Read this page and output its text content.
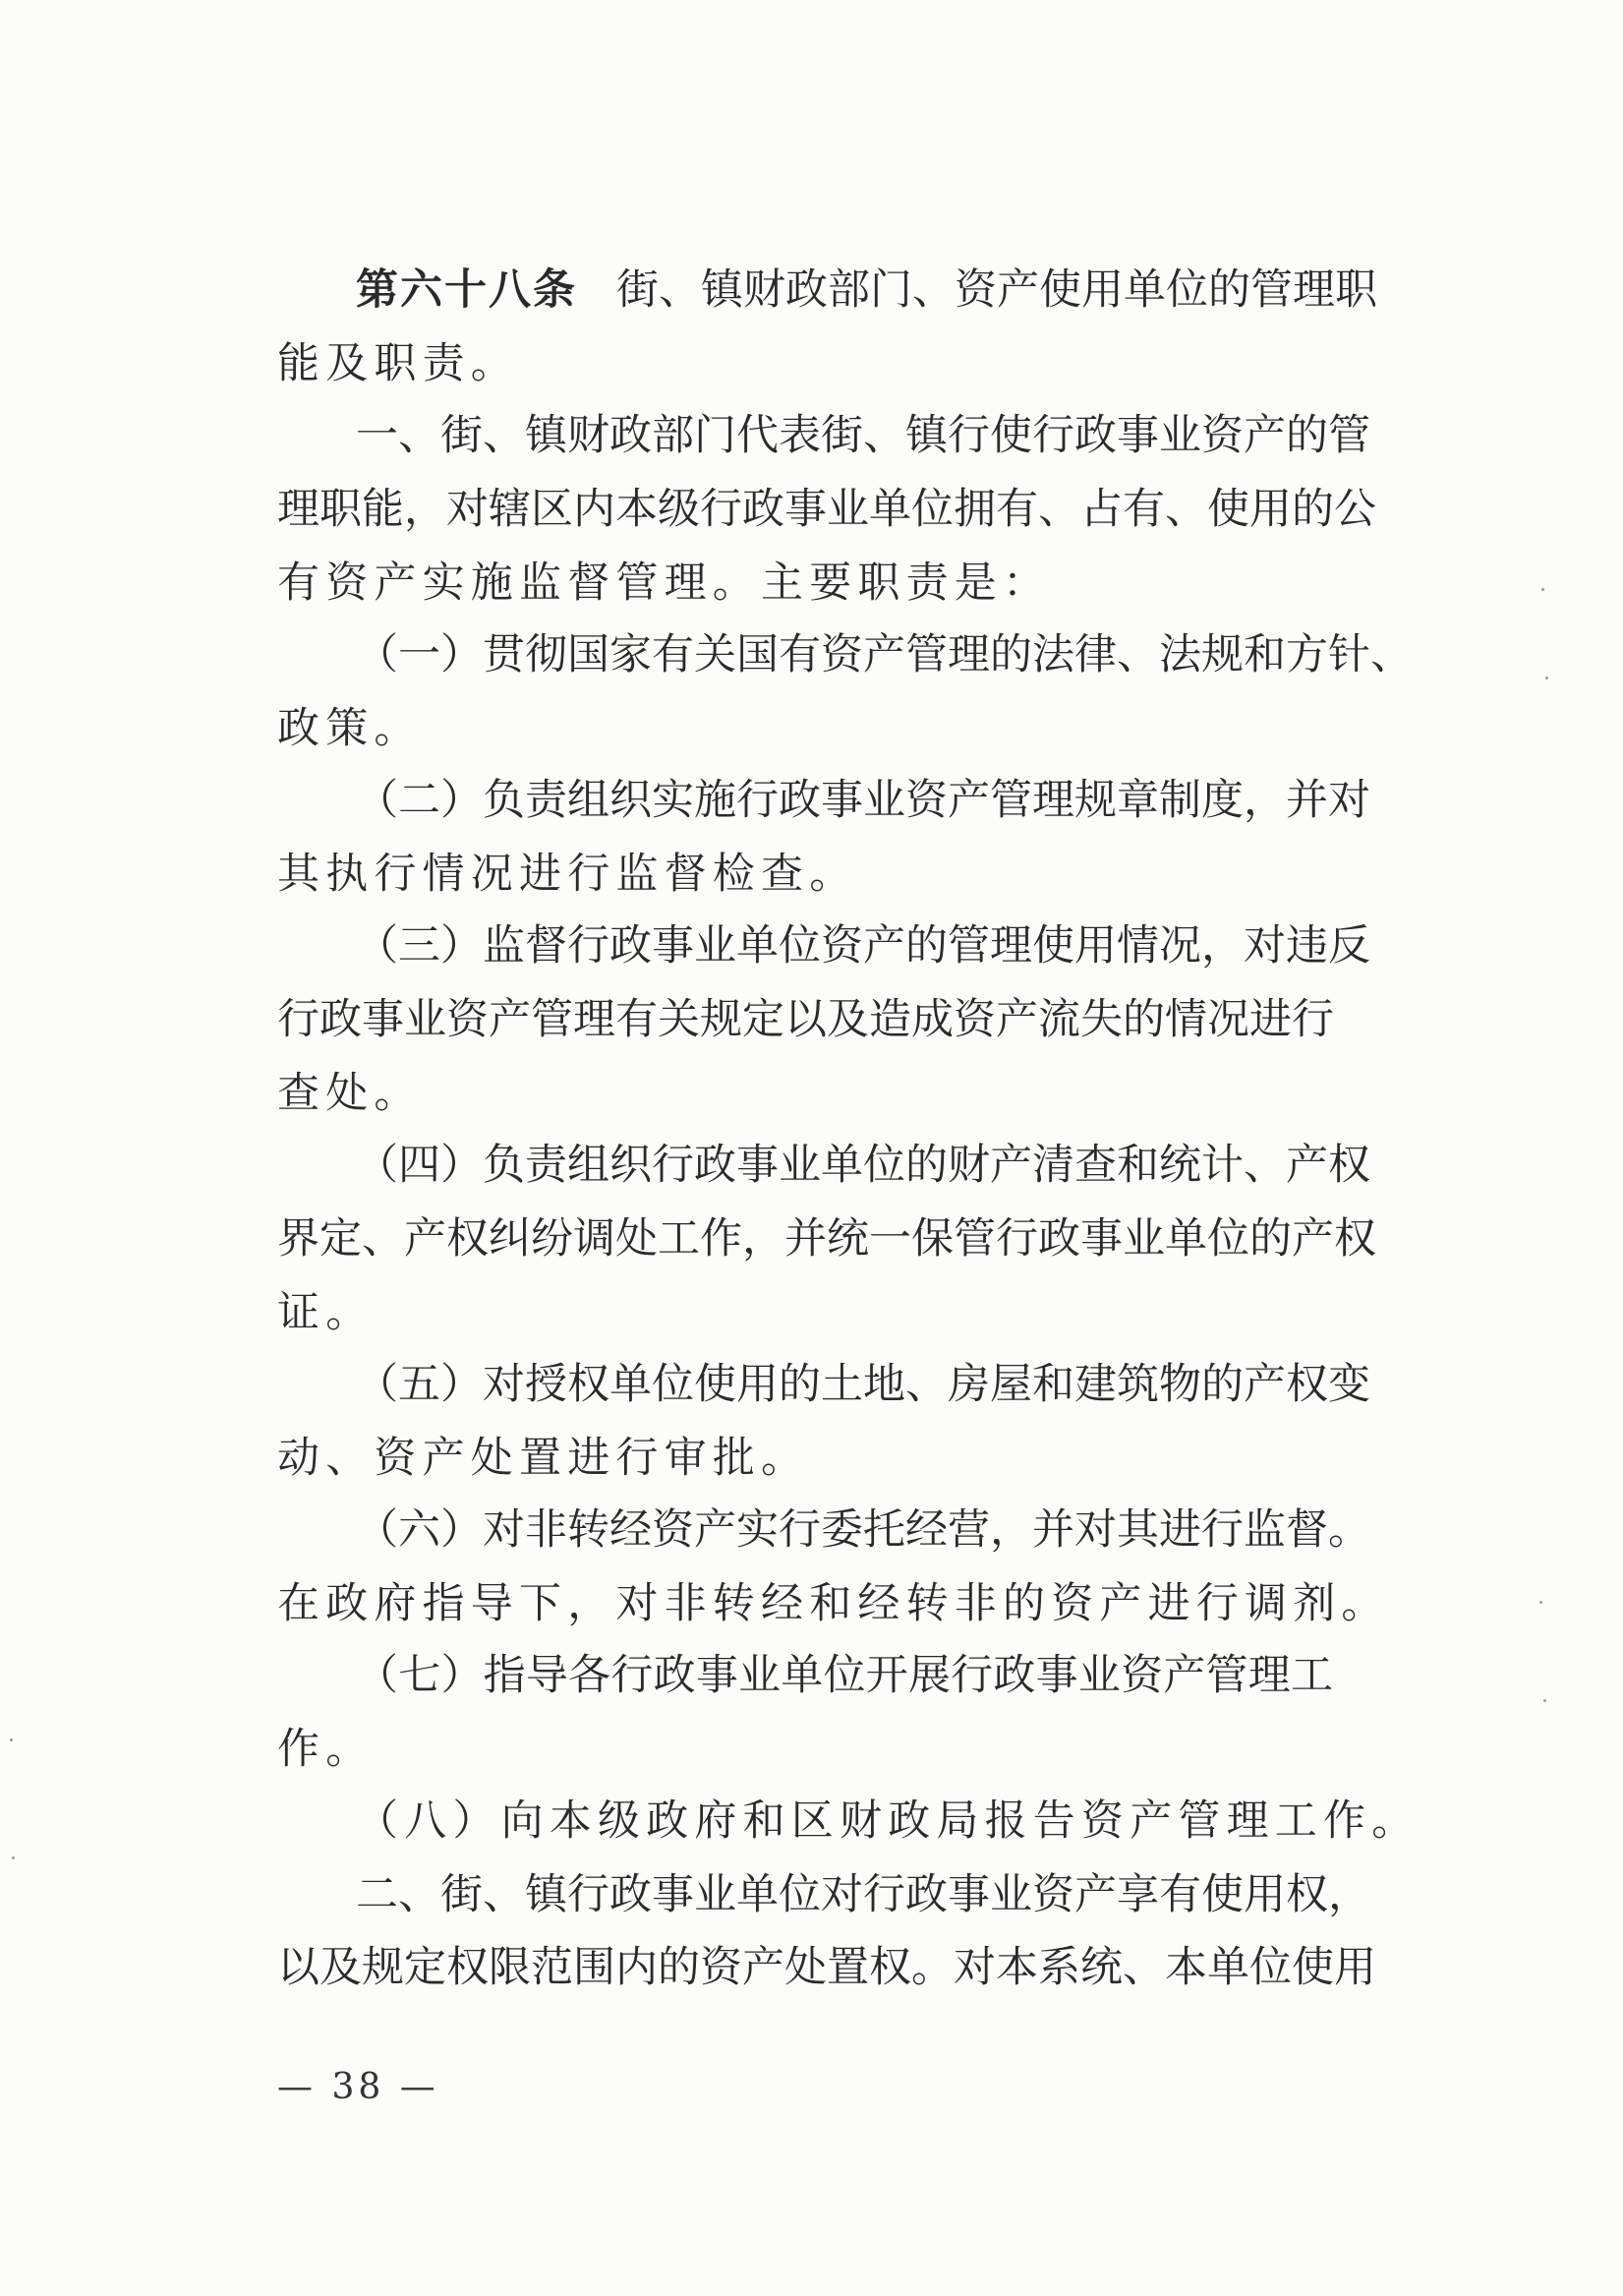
第六十八条 街、镇财政部门、资产使用单位的管理职
能及职责。
一、街、镇财政部门代表街、镇行使行政事业资产的管
理职能，对辖区内本级行政事业单位拥有、占有、使用的公
有资产实施监督管理。主要职责是：
（一）贯彻国家有关国有资产管理的法律、法规和方针、
政策。
（二）负责组织实施行政事业资产管理规章制度，并对
其执行情况进行监督检查。
（三）监督行政事业单位资产的管理使用情况，对违反
行政事业资产管理有关规定以及造成资产流失的情况进行
查处。
（四）负责组织行政事业单位的财产清查和统计、产权
界定、产权纠纷调处工作，并统一保管行政事业单位的产权
证。
（五）对授权单位使用的土地、房屋和建筑物的产权变
动、资产处置进行审批。
（六）对非转经资产实行委托经营，并对其进行监督。
在政府指导下，对非转经和经转非的资产进行调剂。
（七）指导各行政事业单位开展行政事业资产管理工
作。
（八）向本级政府和区财政局报告资产管理工作。
二、街、镇行政事业单位对行政事业资产享有使用权，
以及规定权限范围内的资产处置权。对本系统、本单位使用
— 38 —
